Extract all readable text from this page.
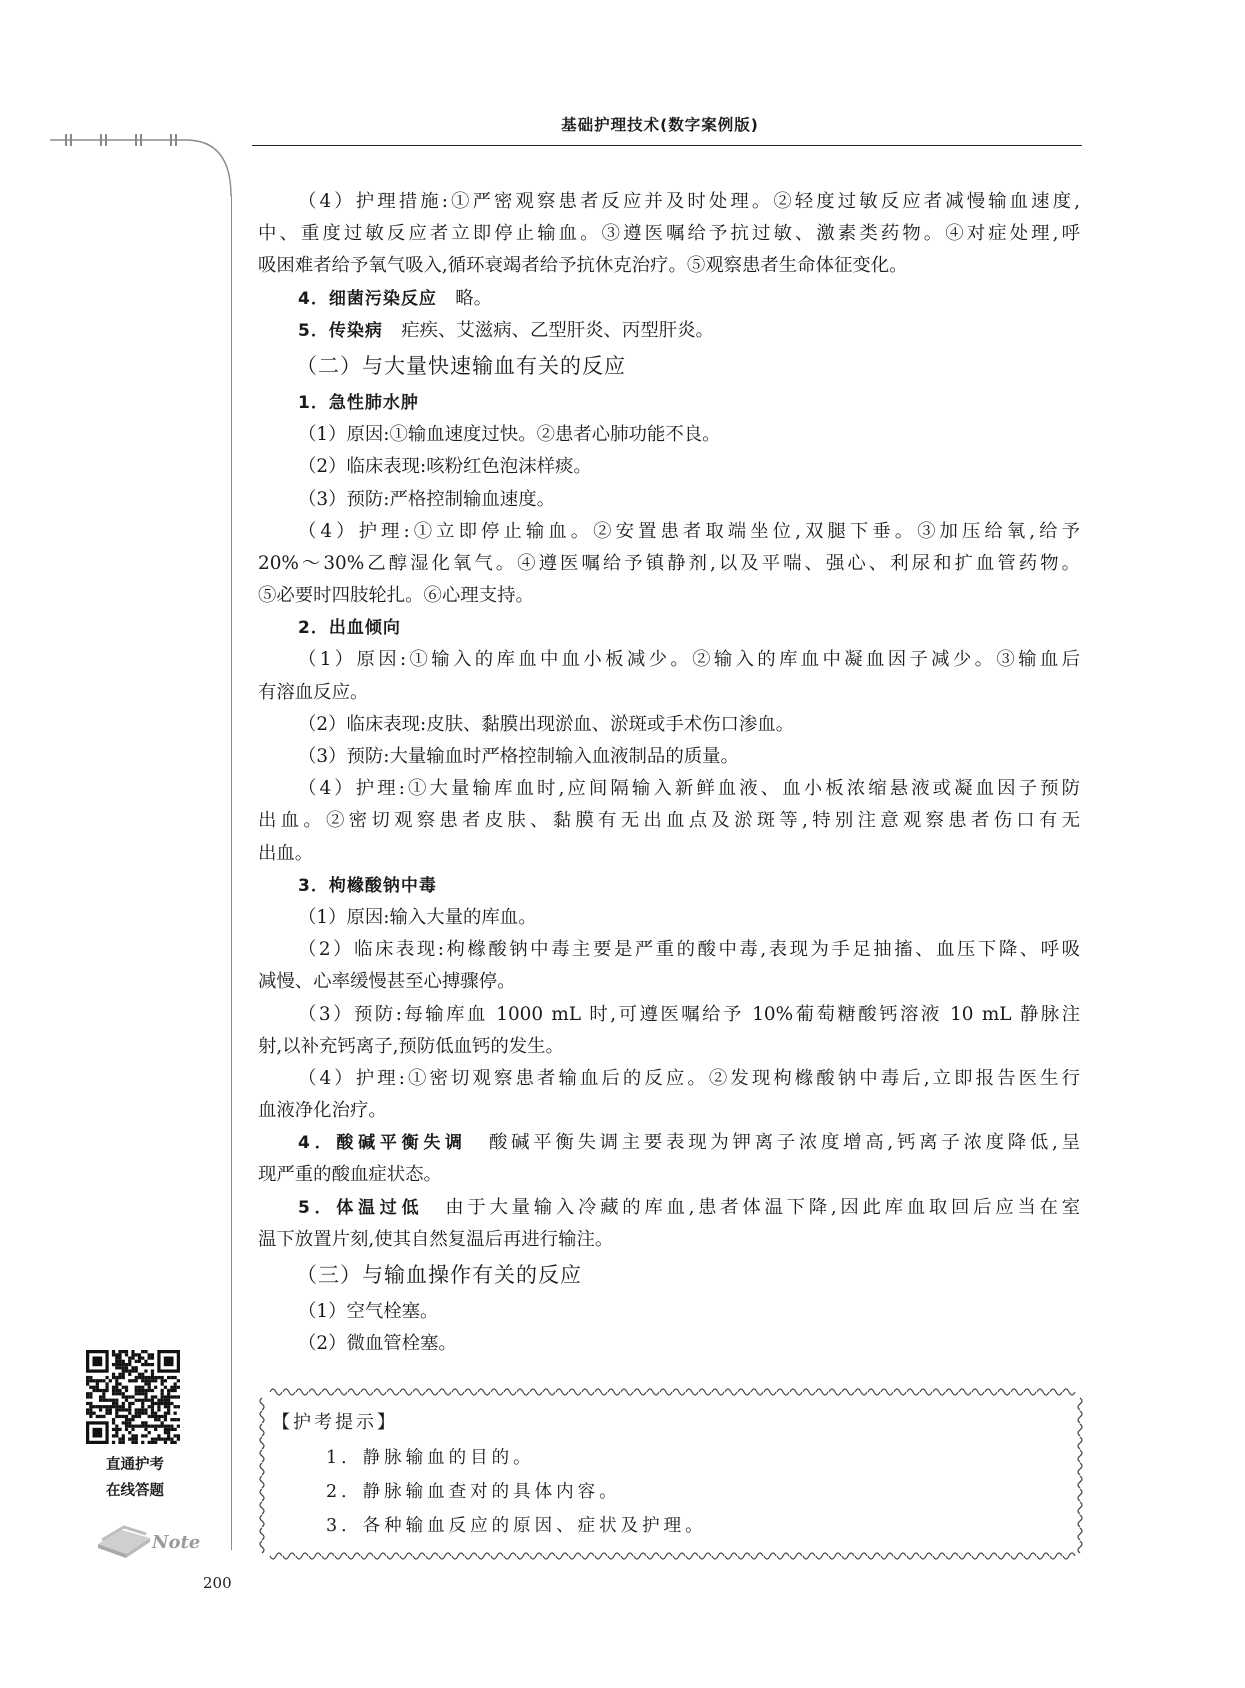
基础护理技术(数字案例版)
（4）护理措施:①严密观察患者反应并及时处理。②轻度过敏反应者减慢输血速度,
中、重度过敏反应者立即停止输血。③遵医嘱给予抗过敏、激素类药物。④对症处理,呼
吸困难者给予氧气吸入,循环衰竭者给予抗休克治疗。⑤观察患者生命体征变化。
4．细菌污染反应　略。
5．传染病　疟疾、艾滋病、乙型肝炎、丙型肝炎。
（二）与大量快速输血有关的反应
1．急性肺水肿
（1）原因:①输血速度过快。②患者心肺功能不良。
（2）临床表现:咳粉红色泡沫样痰。
（3）预防:严格控制输血速度。
（4）护理:①立即停止输血。②安置患者取端坐位,双腿下垂。③加压给氧,给予
20%～30%乙醇湿化氧气。④遵医嘱给予镇静剂,以及平喘、强心、利尿和扩血管药物。
⑤必要时四肢轮扎。⑥心理支持。
2．出血倾向
（1）原因:①输入的库血中血小板减少。②输入的库血中凝血因子减少。③输血后
有溶血反应。
（2）临床表现:皮肤、黏膜出现淤血、淤斑或手术伤口渗血。
（3）预防:大量输血时严格控制输入血液制品的质量。
（4）护理:①大量输库血时,应间隔输入新鲜血液、血小板浓缩悬液或凝血因子预防
出血。②密切观察患者皮肤、黏膜有无出血点及淤斑等,特别注意观察患者伤口有无
出血。
3．枸橼酸钠中毒
（1）原因:输入大量的库血。
（2）临床表现:枸橼酸钠中毒主要是严重的酸中毒,表现为手足抽搐、血压下降、呼吸
减慢、心率缓慢甚至心搏骤停。
（3）预防:每输库血 1000 mL 时,可遵医嘱给予 10%葡萄糖酸钙溶液 10 mL 静脉注
射,以补充钙离子,预防低血钙的发生。
（4）护理:①密切观察患者输血后的反应。②发现枸橼酸钠中毒后,立即报告医生行
血液净化治疗。
4．酸碱平衡失调　酸碱平衡失调主要表现为钾离子浓度增高,钙离子浓度降低,呈
现严重的酸血症状态。
5．体温过低　由于大量输入冷藏的库血,患者体温下降,因此库血取回后应当在室
温下放置片刻,使其自然复温后再进行输注。
（三）与输血操作有关的反应
（1）空气栓塞。
（2）微血管栓塞。
直通护考
在线答题
Note
【护考提示】
1．静脉输血的目的。
2．静脉输血查对的具体内容。
3．各种输血反应的原因、症状及护理。
200
